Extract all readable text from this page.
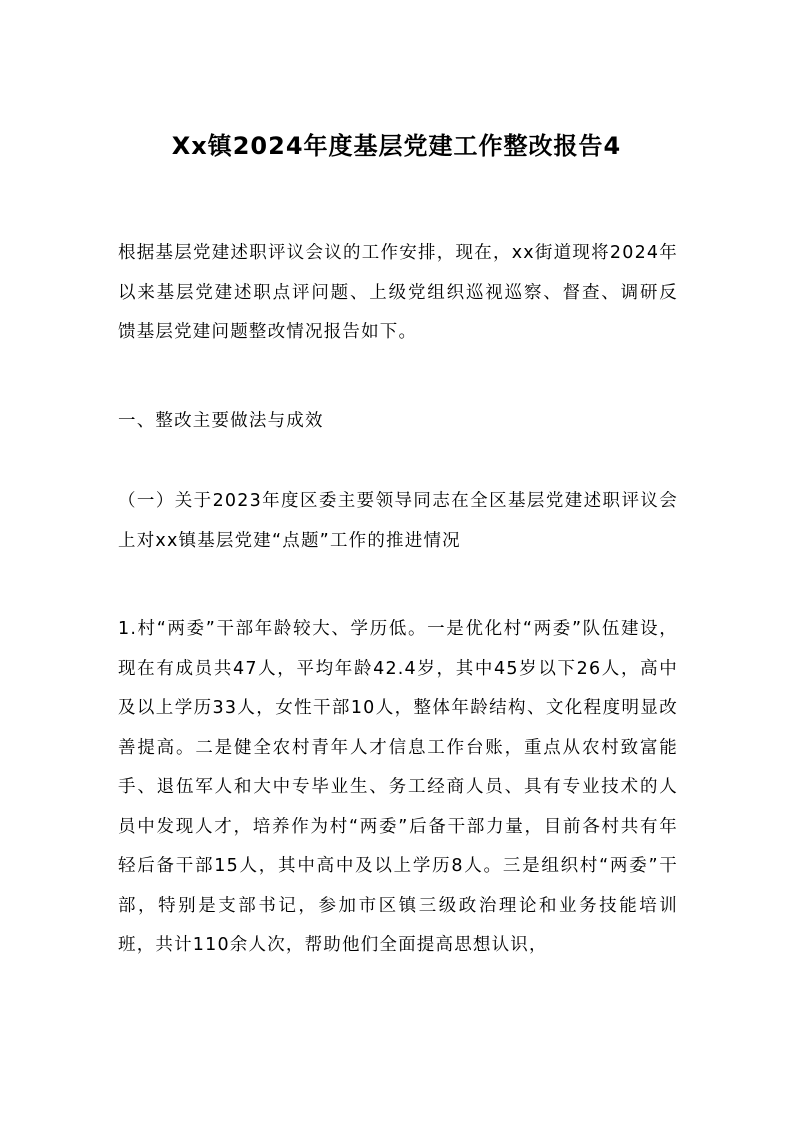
Xx镇2024年度基层党建工作整改报告4
根据基层党建述职评议会议的工作安排，现在，xx街道现将2024年以来基层党建述职点评问题、上级党组织巡视巡察、督查、调研反馈基层党建问题整改情况报告如下。
一、整改主要做法与成效
（一）关于2023年度区委主要领导同志在全区基层党建述职评议会上对xx镇基层党建“点题”工作的推进情况
1.村“两委”干部年龄较大、学历低。一是优化村“两委”队伍建设，现在有成员共47人，平均年龄42.4岁，其中45岁以下26人，高中及以上学历33人，女性干部10人，整体年龄结构、文化程度明显改善提高。二是健全农村青年人才信息工作台账，重点从农村致富能手、退伍军人和大中专毕业生、务工经商人员、具有专业技术的人员中发现人才，培养作为村“两委”后备干部力量，目前各村共有年轻后备干部15人，其中高中及以上学历8人。三是组织村“两委”干部，特别是支部书记，参加市区镇三级政治理论和业务技能培训班，共计110余人次，帮助他们全面提高思想认识，
